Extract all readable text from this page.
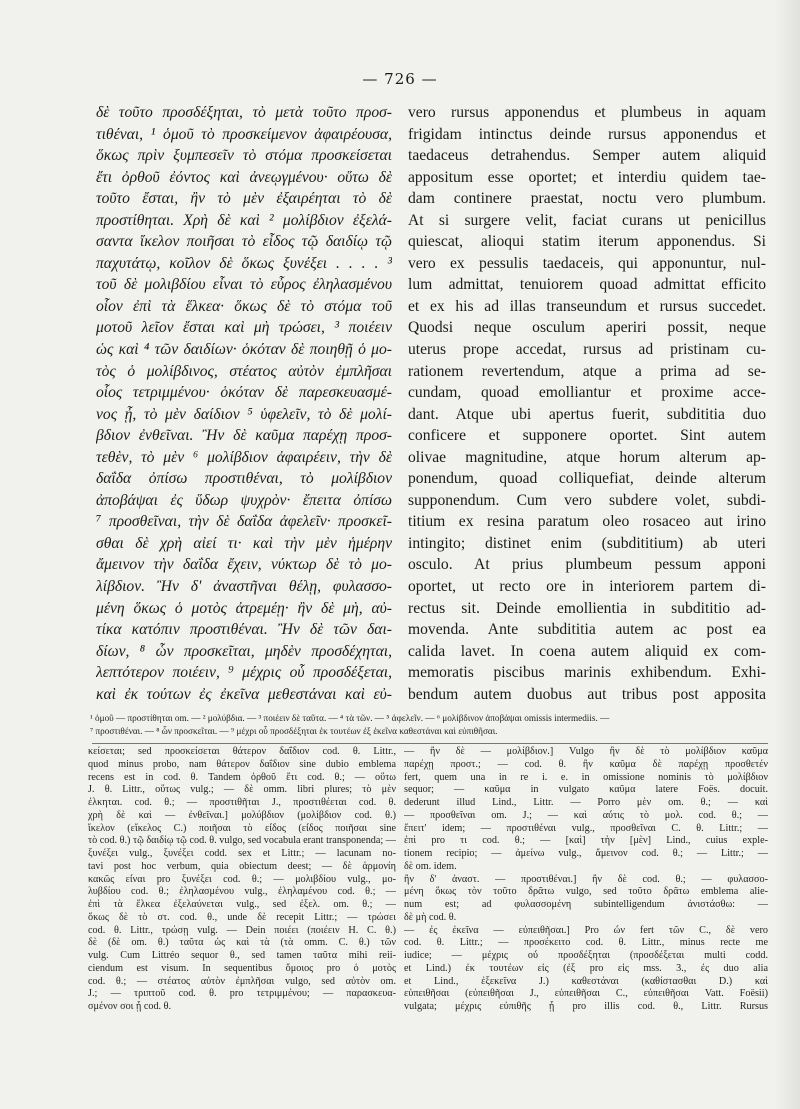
— 726 —
δὲ τοῦτο προσδέξηται, τὸ μετὰ τοῦτο προσ-
τιθέναι, ¹ ὁμοῦ τὸ προσκείμενον ἀφαιρέουσα,
ὅκως πρὶν ξυμπεσεῖν τὸ στόμα προσκείσεται
ἔτι ὀρθοῦ ἐόντος καὶ ἀνεῳγμένου· οὕτω δὲ
τοῦτο ἔσται, ἢν τὸ μὲν ἐξαιρέηται τὸ δὲ
προστίθηται. Χρὴ δὲ καὶ ² μολίβδιον ἐξελά-
σαντα ἴκελον ποιῆσαι τὸ εἶδος τῷ δαιδίῳ τῷ
παχυτάτῳ, κοῖλον δὲ ὅκως ξυνέξει . . . . ³
τοῦ δὲ μολιβδίου εἶναι τὸ εὖρος ἐληλασμένου
οἷον ἐπὶ τὰ ἕλκεα· ὅκως δὲ τὸ στόμα τοῦ
μοτοῦ λεῖον ἔσται καὶ μὴ τρώσει, ³ ποιέειν
ὡς καὶ ⁴ τῶν δαιδίων· ὁκόταν δὲ ποιηθῇ ὁ μο-
τὸς ὁ μολίβδινος, στέατος αὐτὸν ἐμπλῆσαι
οἷος τετριμμένου· ὁκόταν δὲ παρεσκευασμέ-
νος ᾖ, τὸ μὲν δαίδιον ⁵ ὑφελεῖν, τὸ δὲ μολί-
βδιον ἐνθεῖναι. Ἢν δὲ καῦμα παρέχῃ προσ-
τεθὲν, τὸ μὲν ⁶ μολίβδιον ἀφαιρέειν, τὴν δὲ
δαΐδα ὀπίσω προστιθέναι, τὸ μολίβδιον
ἀποβάψαι ἐς ὕδωρ ψυχρὸν· ἔπειτα ὀπίσω
⁷ προσθεῖναι, τὴν δὲ δαΐδα ἀφελεῖν· προσκεῖ-
σθαι δὲ χρὴ αἰεί τι· καὶ τὴν μὲν ἡμέρην
ἄμεινον τὴν δαΐδα ἔχειν, νύκτωρ δὲ τὸ μο-
λίβδιον. Ἢν δ' ἀναστῆναι θέλῃ, φυλασσο-
μένη ὅκως ὁ μοτὸς ἀτρεμέῃ· ἢν δὲ μὴ, αὐ-
τίκα κατόπιν προστιθέναι. Ἢν δὲ τῶν δαι-
δίων, ⁸ ὧν προσκεῖται, μηδὲν προσδέχηται,
λεπτότερον ποιέειν, ⁹ μέχρις οὗ προσδέξεται,
καὶ ἐκ τούτων ἐς ἐκεῖνα μεθεστάναι καὶ εὐ-
vero rursus apponendus et plumbeus in aquam
frigidam intinctus deinde rursus apponendus et
taedaceus detrahendus. Semper autem aliquid
appositum esse oportet; et interdiu quidem tae-
dam continere praestat, noctu vero plumbum.
At si surgere velit, faciat curans ut penicillus
quiescat, alioqui statim iterum apponendus. Si
vero ex pessulis taedaceis, qui apponuntur, nul-
lum admittat, tenuiorem quoad admittat efficito
et ex his ad illas transeundum et rursus succedet.
Quodsi neque osculum aperiri possit, neque
uterus prope accedat, rursus ad pristinam cu-
rationem revertendum, atque a prima ad se-
cundam, quoad emolliantur et proxime acce-
dant. Atque ubi apertus fuerit, subdititia duo
conficere et supponere oportet. Sint autem
olivae magnitudine, atque horum alterum ap-
ponendum, quoad colliquefiat, deinde alterum
supponendum. Cum vero subdere volet, subdi-
titium ex resina paratum oleo rosaceo aut irino
intingito; distinet enim (subdititium) ab uteri
osculo. At prius plumbeum pessum apponi
oportet, ut recto ore in interiorem partem di-
rectus sit. Deinde emollientia in subdititio ad-
movenda. Ante subdititia autem ac post ea
calida lavet. In coena autem aliquid ex com-
memoratis piscibus marinis exhibendum. Exhi-
bendum autem duobus aut tribus post apposita
¹ ὁμοῦ — προστίθηται om. — ² μολύβδια. — ³ ποιέειν δὲ ταῦτα. — ⁴ τὰ τῶν. — ⁵ ἀφελεῖν. — ⁶ μολίβδινον ἀποβάψαι omissis intermediis. —
⁷ προστιθέναι. — ⁸ ὧν προσκεῖται. — ⁹ μέχρι οὗ προσδέξηται ἐκ τουτέων ἐξ ἐκεῖνα καθεστάναι καὶ εὐπιθῆσαι.
κείσεται; sed προσκείσεται θάτερον δαΐδιον cod. θ. Littr.,
quod minus probo, nam θάτερον δαΐδιον sine dubio emblema
recens est in cod. θ. Tandem ὀρθοῦ ἔτι cod. θ.; — οὕτω
J. θ. Littr., οὕτως vulg.; — δὲ omm. libri plures; τὸ μὲν
ἐλκηται. cod. θ.; — προστιθῆται J., προστιθέεται cod. θ.
χρὴ δὲ καὶ — ἐνθεῖναι.] μολύβδιον (μολίβδιον cod. θ.)
ἴκελον (εἴκελος C.) ποιῆσαι τὸ εἶδος (εἶδος ποιῆσαι sine
τὸ cod. θ.) τῷ δαιδίῳ τῷ cod. θ. vulgo, sed vocabula erant transponenda; —
ξυνέξει vulg., ξυνέξει codd. sex et Littr.; — lacunam no-
tavi post hoc verbum, quia obiectum deest; — δὲ ἁρμονίη
κακῶς εἶναι pro ξυνέξει cod. θ.; — μολιβδίου vulg., μο-
λυβδίου cod. θ.; ἐληλασμένου vulg., ἐληλαμένου cod. θ.; —
ἐπὶ τὰ ἕλκεα ἐξελαύνεται vulg., sed ἐξελ. om. θ.; —
ὅκως δὲ τὸ στ. cod. θ., unde δὲ recepit Littr.; — τρώσει
cod. θ. Littr., τρώσῃ vulg. — Dein ποιέει (ποιέειν H. C. θ.)
δὲ (δὲ om. θ.) ταῦτα ὡς καὶ τὰ (τὰ omm. C. θ.) τῶν
vulg. Cum Littréo sequor θ., sed tamen ταῦτα mihi reii-
ciendum est visum. In sequentibus ὅμοιος pro ὁ μοτὸς
cod. θ.; — στέατος αὐτὸν ἐμπλῆσαι vulgo, sed αὐτὸν om.
J.; — τριπτοῦ cod. θ. pro τετριμμένου; — παρασκευα-
σμένον σοι ᾖ cod. θ.
— ἢν δὲ — μολίβδιον.] Vulgo ἢν δὲ τὸ μολίβδιον καῦμα
παρέχῃ προστ.; — cod. θ. ἢν καῦμα δὲ παρέχῃ προσθετέν
fert, quem una in re i. e. in omissione nominis τὸ μολίβδιον
sequor; — καῦμα in vulgato καῦμα latere Foës. docuit.
dederunt illud Lind., Littr. — Porro μὲν om. θ.; — καὶ
— προσθεῖναι om. J.; — καὶ αὖτις τὸ μολ. cod. θ.; —
ἔπειτ' idem; — προστιθέναι vulg., προσθεῖναι C. θ. Littr.; —
ἐπὶ pro τι cod. θ.; — [καὶ] τὴν [μὲν] Lind., cuius exple-
tionem recipio; — ἀμείνω vulg., ἄμεινον cod. θ.; — Littr.; —
δὲ om. idem.
ἢν δ' ἀναστ. — προστιθέναι.] ἢν δὲ cod. θ.; — φυλασσο-
μένη ὅκως τὸν τοῦτο δρᾶτω vulgo, sed τοῦτο δρᾶτω emblema alie-
num est; ad φυλασσομένη subintelligendum ἀνιστάσθω: —
δὲ μὴ cod. θ.
— ἐς ἐκεῖνα — εὐπειθῆσαι.] Pro ὧν fert τῶν C., δὲ vero
cod. θ. Littr.; — προσέκειτο cod. θ. Littr., minus recte me
iudice; — μέχρις οὗ προσδέξηται (προσδέξεται multi codd.
et Lind.) ἐκ τουτέων εἰς (ἐξ pro εἰς mss. 3., ἐς duo alia
et Lind., ἐξεκεῖνα J.) καθεστάναι (καθίστασθαι D.) καὶ
εὐπειθῆσαι (εὐπειθῆσαι J., εὐπειθῆσαι C., εὐπειθῆσαι Vatt. Foësii)
vulgata; μέχρις εὐπιθῆς ᾖ pro illis cod. θ., Littr. Rursus
